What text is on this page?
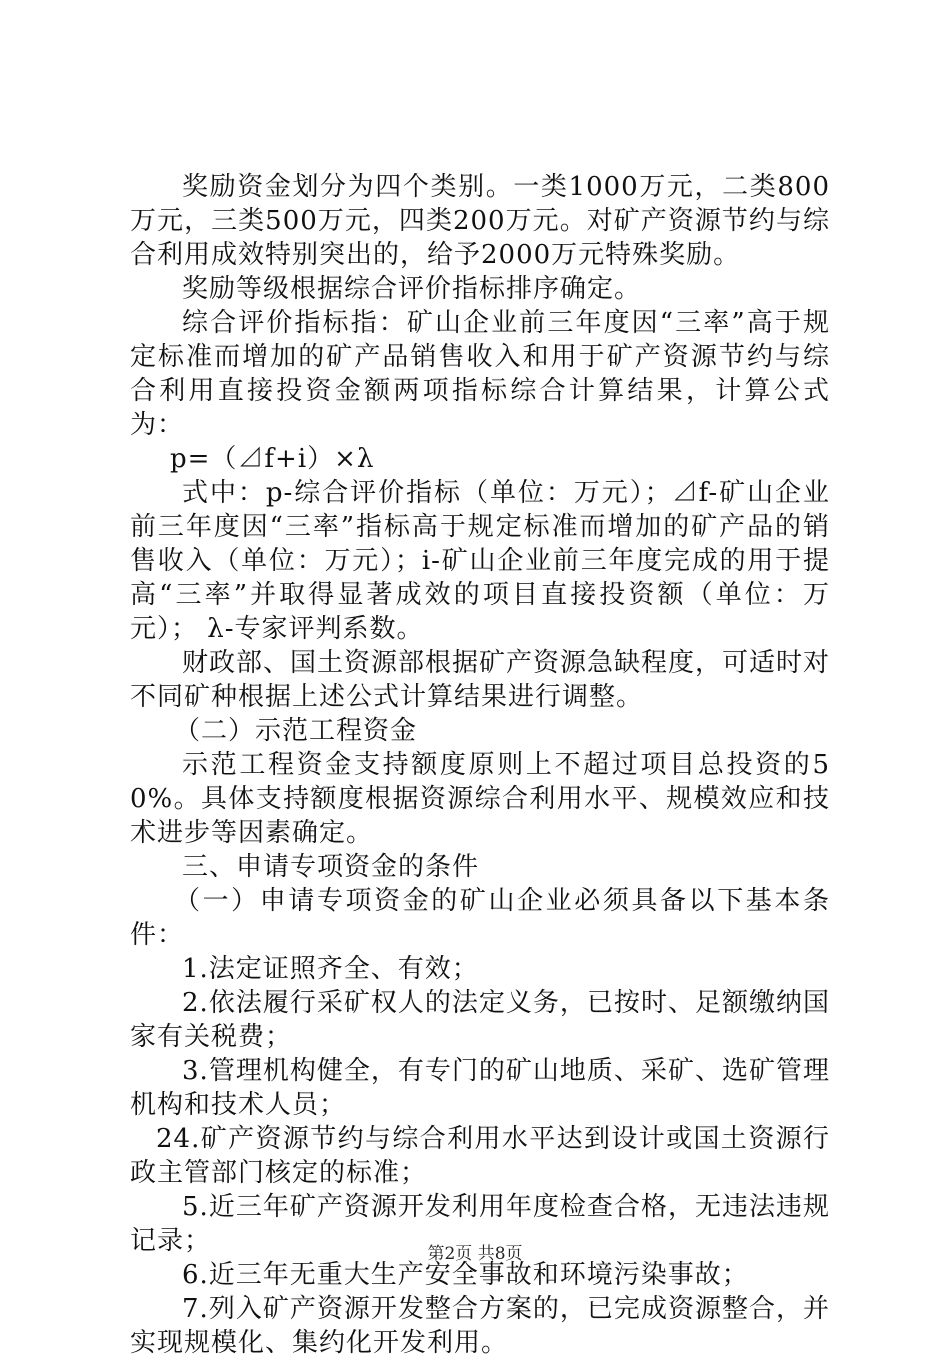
奖励资金划分为四个类别。一类1000万元，二类800万元，三类500万元，四类200万元。对矿产资源节约与综合利用成效特别突出的，给予2000万元特殊奖励。

奖励等级根据综合评价指标排序确定。

综合评价指标指：矿山企业前三年度因“三率”高于规定标准而增加的矿产品销售收入和用于矿产资源节约与综合利用直接投资金额两项指标综合计算结果，计算公式为：

p=（⊿f+i）×λ

式中：p-综合评价指标（单位：万元）；⊿f-矿山企业前三年度因“三率”指标高于规定标准而增加的矿产品的销售收入（单位：万元）；i-矿山企业前三年度完成的用于提高“三率”并取得显著成效的项目直接投资额（单位：万元）； λ-专家评判系数。

财政部、国土资源部根据矿产资源急缺程度，可适时对不同矿种根据上述公式计算结果进行调整。

（二）示范工程资金

示范工程资金支持额度原则上不超过项目总投资的50%。具体支持额度根据资源综合利用水平、规模效应和技术进步等因素确定。

三、申请专项资金的条件

（一）申请专项资金的矿山企业必须具备以下基本条件：

1.法定证照齐全、有效；

2.依法履行采矿权人的法定义务，已按时、足额缴纳国家有关税费；

3.管理机构健全，有专门的矿山地质、采矿、选矿管理机构和技术人员；

24.矿产资源节约与综合利用水平达到设计或国土资源行政主管部门核定的标准；

5.近三年矿产资源开发利用年度检查合格，无违法违规记录；

6.近三年无重大生产安全事故和环境污染事故；

7.列入矿产资源开发整合方案的，已完成资源整合，并实现规模化、集约化开发利用。

第2页 共8页
